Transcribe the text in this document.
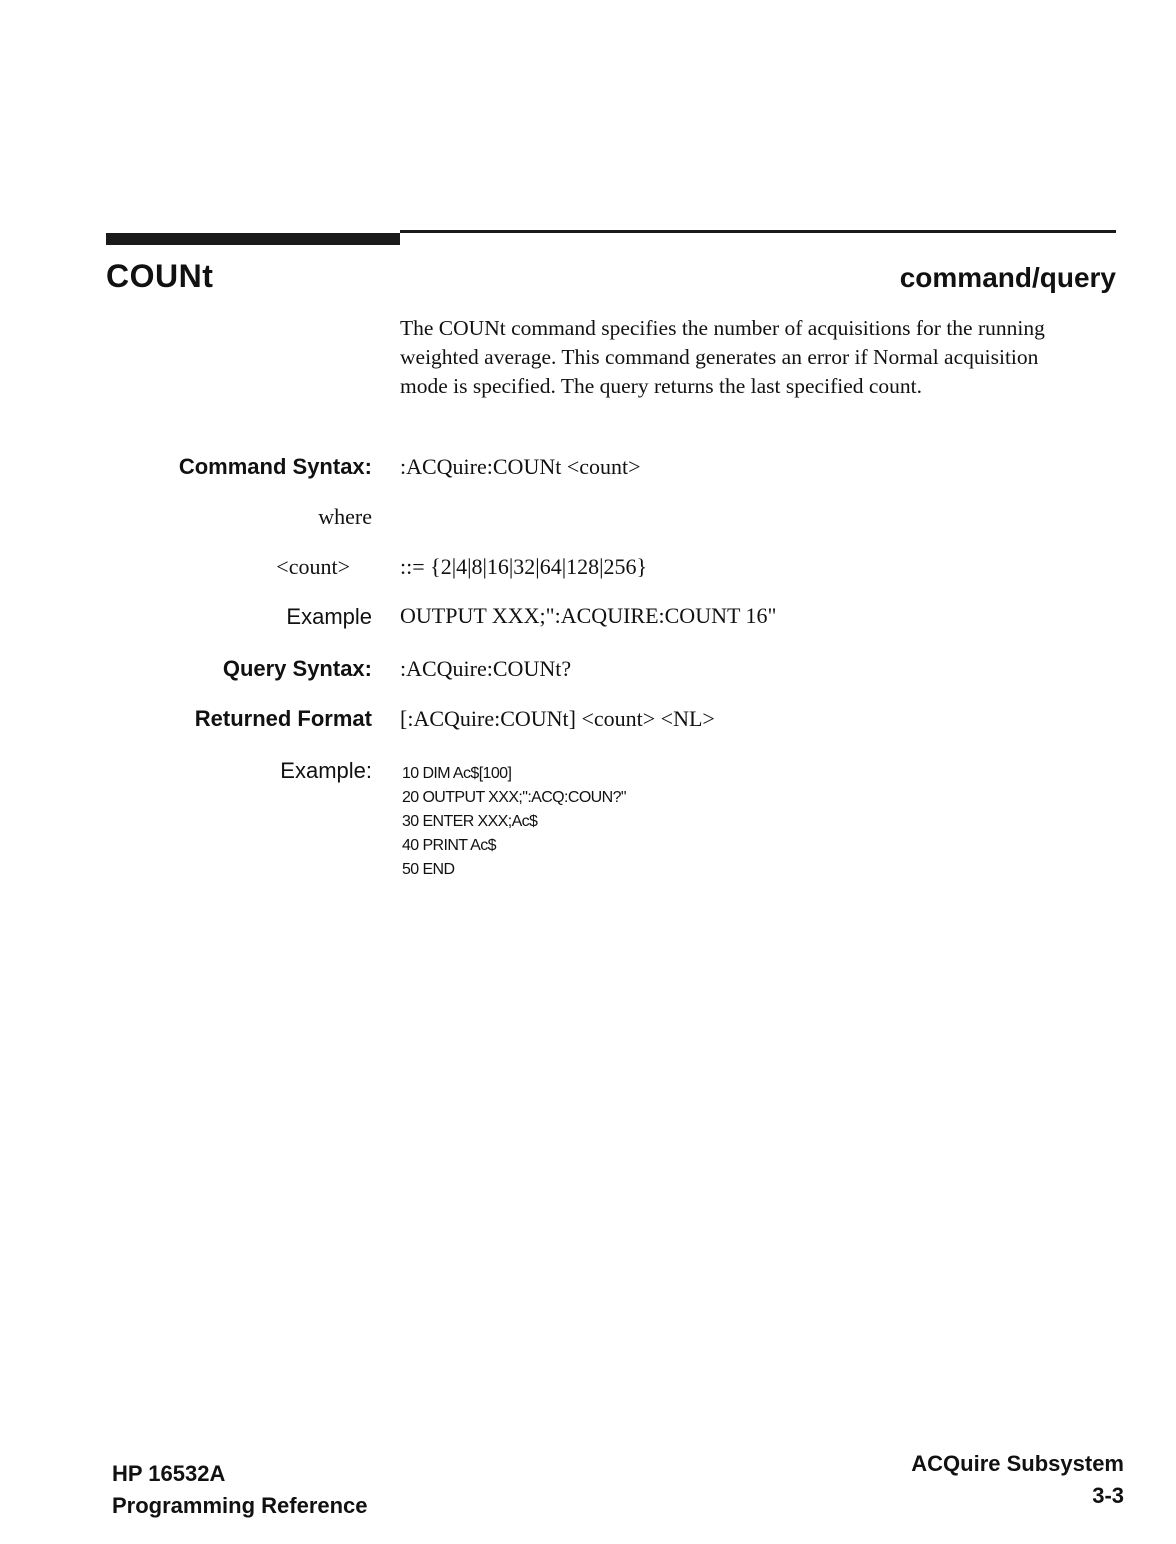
COUNt	command/query
The COUNt command specifies the number of acquisitions for the running weighted average. This command generates an error if Normal acquisition mode is specified. The query returns the last specified count.
Command Syntax: :ACQuire:COUNt <count>
where
<count> ::= {2|4|8|16|32|64|128|256}
Example OUTPUT XXX;":ACQUIRE:COUNT 16"
Query Syntax: :ACQuire:COUNt?
Returned Format [:ACQuire:COUNt] <count> <NL>
Example: 10 DIM Ac$[100]
20 OUTPUT XXX;":ACQ:COUN?"
30 ENTER XXX;Ac$
40 PRINT Ac$
50 END
HP 16532A
Programming Reference
ACQuire Subsystem
3-3
